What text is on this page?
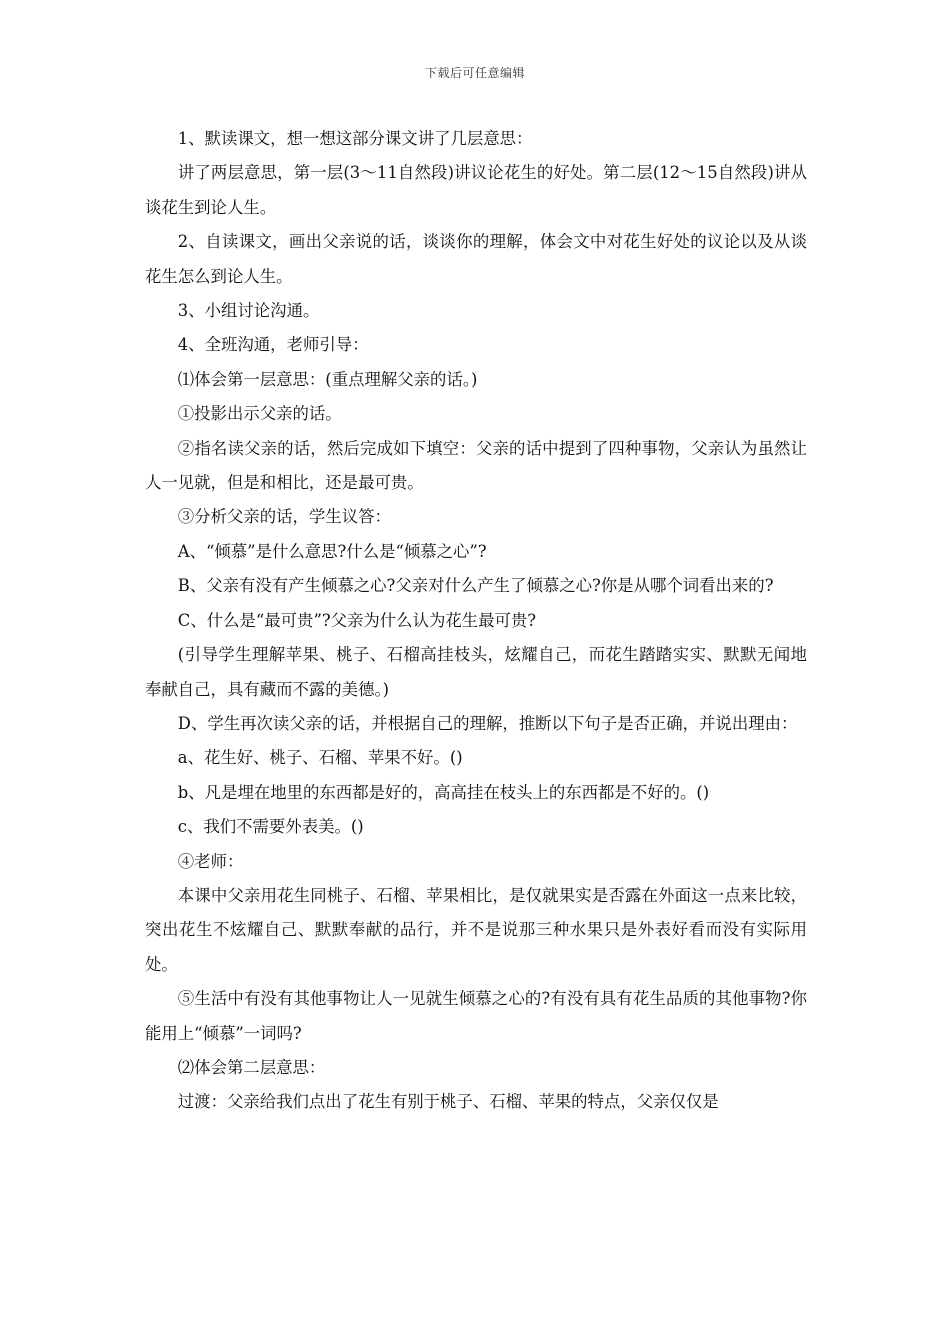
下载后可任意编辑

1、默读课文，想一想这部分课文讲了几层意思：

讲了两层意思，第一层(3～11自然段)讲议论花生的好处。第二层(12～15自然段)讲从谈花生到论人生。

2、自读课文，画出父亲说的话，谈谈你的理解，体会文中对花生好处的议论以及从谈花生怎么到论人生。

3、小组讨论沟通。

4、全班沟通，老师引导：

⑴体会第一层意思：(重点理解父亲的话。)

①投影出示父亲的话。

②指名读父亲的话，然后完成如下填空：父亲的话中提到了四种事物，父亲认为虽然让人一见就，但是和相比，还是最可贵。

③分析父亲的话，学生议答：

A、“倾慕”是什么意思?什么是“倾慕之心”?

B、父亲有没有产生倾慕之心?父亲对什么产生了倾慕之心?你是从哪个词看出来的?

C、什么是“最可贵”?父亲为什么认为花生最可贵?

(引导学生理解苹果、桃子、石榴高挂枝头，炫耀自己，而花生踏踏实实、默默无闻地奉献自己，具有藏而不露的美德。)

D、学生再次读父亲的话，并根据自己的理解，推断以下句子是否正确，并说出理由：

a、花生好、桃子、石榴、苹果不好。()

b、凡是埋在地里的东西都是好的，高高挂在枝头上的东西都是不好的。()

c、我们不需要外表美。()

④老师：

本课中父亲用花生同桃子、石榴、苹果相比，是仅就果实是否露在外面这一点来比较，突出花生不炫耀自己、默默奉献的品行，并不是说那三种水果只是外表好看而没有实际用处。

⑤生活中有没有其他事物让人一见就生倾慕之心的?有没有具有花生品质的其他事物?你能用上“倾慕”一词吗?

⑵体会第二层意思：

过渡：父亲给我们点出了花生有别于桃子、石榴、苹果的特点，父亲仅仅是
